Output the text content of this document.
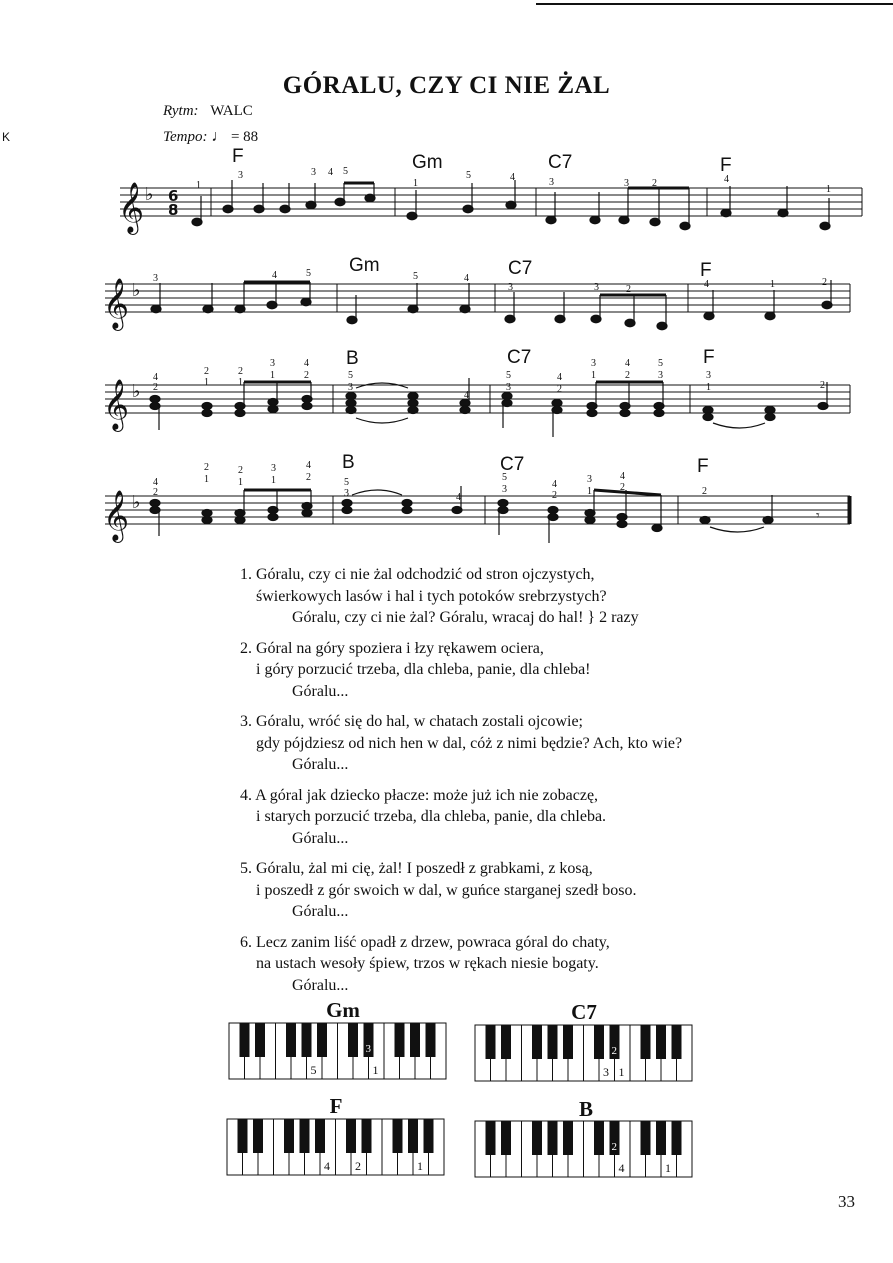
K
GÓRALU, CZY CI NIE ŻAL
Rytm: WALC
Tempo: ♩ = 88
𝄞
𝄞
𝄞
𝄞
♭
♭
♭
♭
6
8
1
3	3 4 5
1
5	4	3	3 2	4
1
3	4	5	5	4
3	3	2	4	1	2
4
2
2
1
2
1
3
1
4
2	5
3
4
5
3
4
2
3
1
4
2
5
3	3
1	2
4
2
2
1
2
1
3
1
4
2	5
3	4
5
3	4
2
3
1
4
2	2
𝄾
F	Gm	C7	F
Gm	C7	F
B	C7	F
B	C7	F
1. Góralu, czy ci nie żal odchodzić od stron ojczystych,
świerkowych lasów i hal i tych potoków srebrzystych?
Góralu, czy ci nie żal? Góralu, wracaj do hal! } 2 razy
2. Góral na góry spoziera i łzy rękawem ociera,
i góry porzucić trzeba, dla chleba, panie, dla chleba!
Góralu...
3. Góralu, wróć się do hal, w chatach zostali ojcowie;
gdy pójdziesz od nich hen w dal, cóż z nimi będzie? Ach, kto wie?
Góralu...
4. A góral jak dziecko płacze: może już ich nie zobaczę,
i starych porzucić trzeba, dla chleba, panie, dla chleba.
Góralu...
5. Góralu, żal mi cię, żal! I poszedł z grabkami, z kosą,
i poszedł z gór swoich w dal, w guńce starganej szedł boso.
Góralu...
6. Lecz zanim liść opadł z drzew, powraca góral do chaty,
na ustach wesoły śpiew, trzos w rękach niesie bogaty.
Góralu...
Gm	C7
F	B
3
5	1
2
3 1
4 2	1
2
4	1
33
